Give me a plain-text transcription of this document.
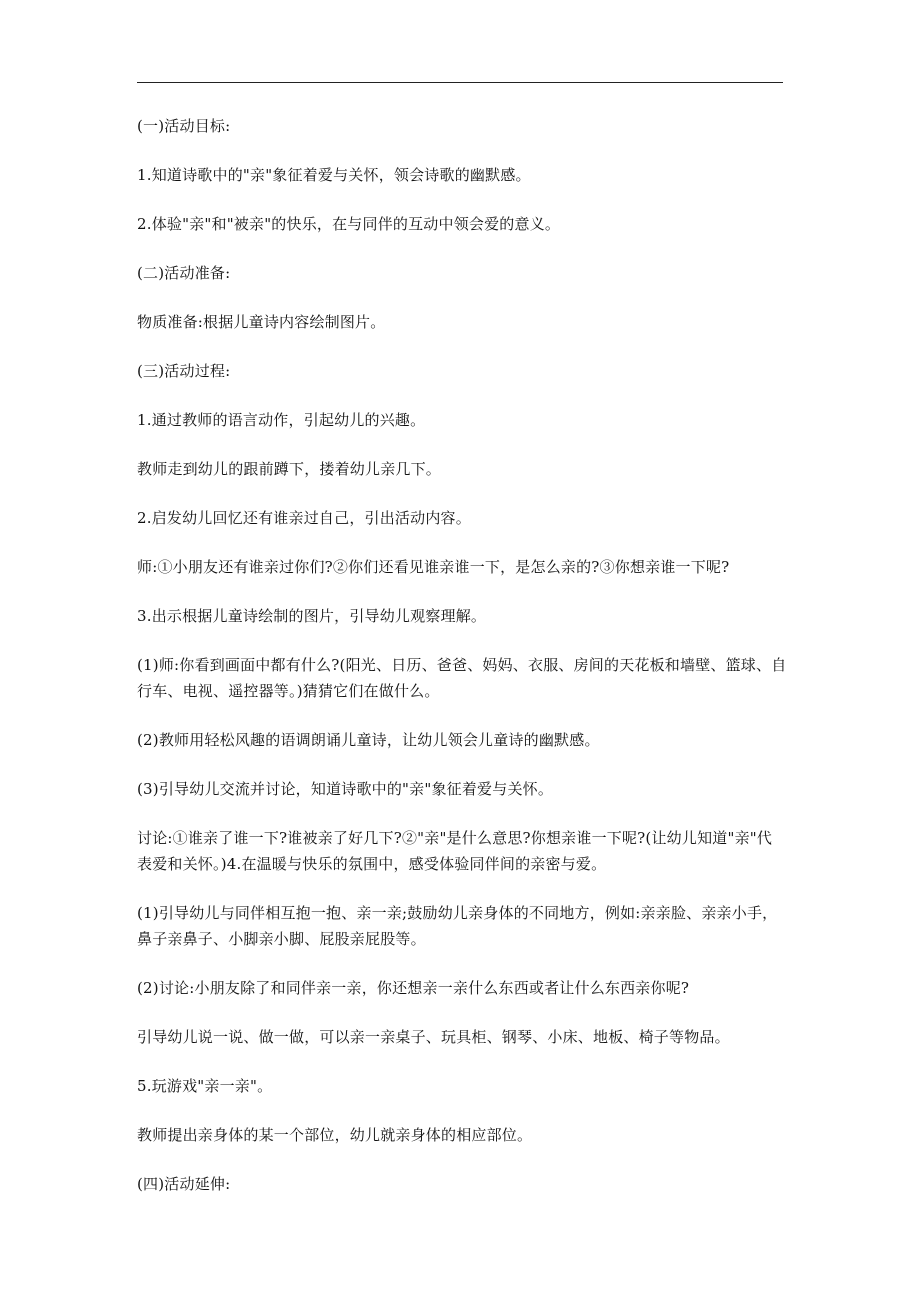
(一)活动目标:

1.知道诗歌中的"亲"象征着爱与关怀，领会诗歌的幽默感。

2.体验"亲"和"被亲"的快乐，在与同伴的互动中领会爱的意义。

(二)活动准备:

物质准备:根据儿童诗内容绘制图片。

(三)活动过程:

1.通过教师的语言动作，引起幼儿的兴趣。

教师走到幼儿的跟前蹲下，搂着幼儿亲几下。

2.启发幼儿回忆还有谁亲过自己，引出活动内容。

师:①小朋友还有谁亲过你们?②你们还看见谁亲谁一下，是怎么亲的?③你想亲谁一下呢?

3.出示根据儿童诗绘制的图片，引导幼儿观察理解。

(1)师:你看到画面中都有什么?(阳光、日历、爸爸、妈妈、衣服、房间的天花板和墙壁、篮球、自行车、电视、遥控器等。)猜猜它们在做什么。

(2)教师用轻松风趣的语调朗诵儿童诗，让幼儿领会儿童诗的幽默感。

(3)引导幼儿交流并讨论，知道诗歌中的"亲"象征着爱与关怀。

讨论:①谁亲了谁一下?谁被亲了好几下?②"亲"是什么意思?你想亲谁一下呢?(让幼儿知道"亲"代表爱和关怀。)4.在温暖与快乐的氛围中，感受体验同伴间的亲密与爱。

(1)引导幼儿与同伴相互抱一抱、亲一亲;鼓励幼儿亲身体的不同地方，例如:亲亲脸、亲亲小手，鼻子亲鼻子、小脚亲小脚、屁股亲屁股等。

(2)讨论:小朋友除了和同伴亲一亲，你还想亲一亲什么东西或者让什么东西亲你呢?

引导幼儿说一说、做一做，可以亲一亲桌子、玩具柜、钢琴、小床、地板、椅子等物品。

5.玩游戏"亲一亲"。

教师提出亲身体的某一个部位，幼儿就亲身体的相应部位。

(四)活动延伸:
